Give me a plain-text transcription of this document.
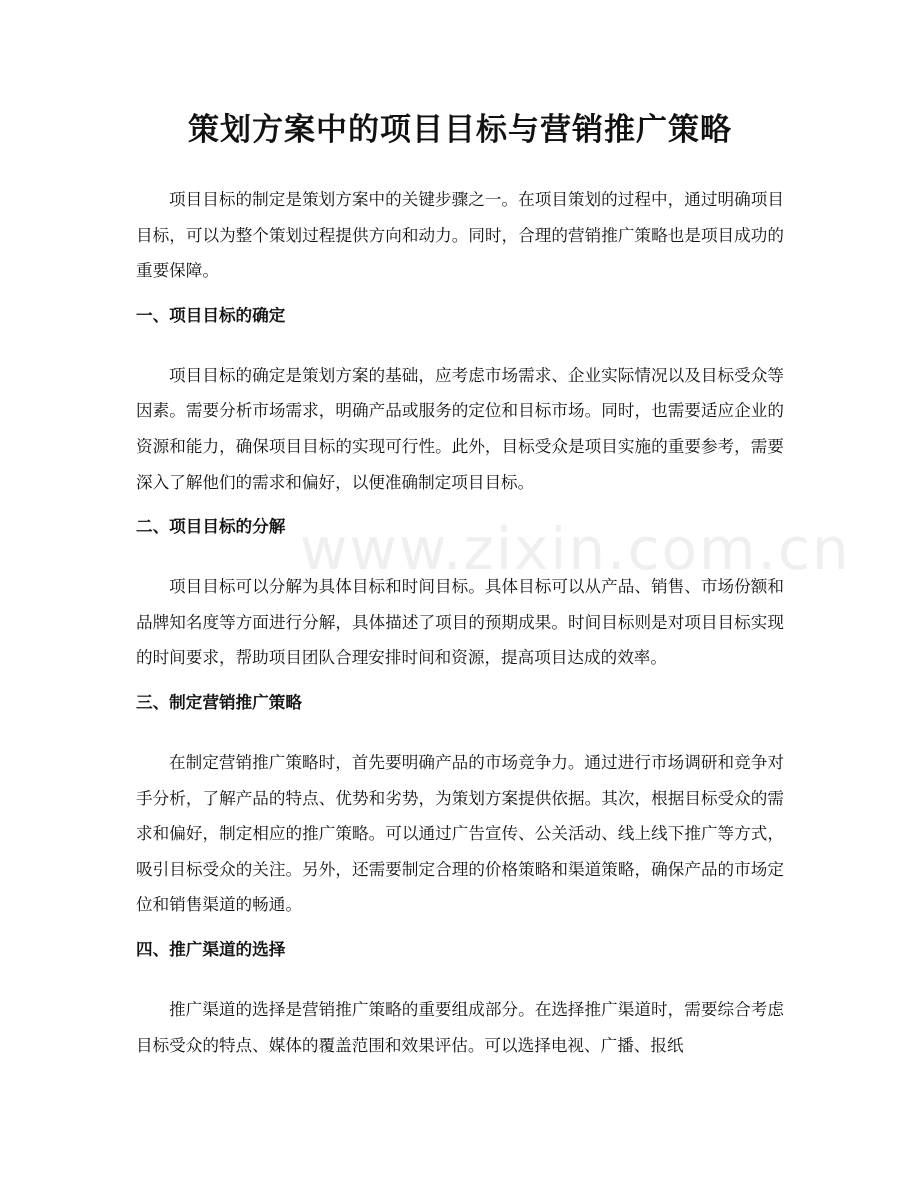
策划方案中的项目目标与营销推广策略

项目目标的制定是策划方案中的关键步骤之一。在项目策划的过程中，通过明确项目目标，可以为整个策划过程提供方向和动力。同时，合理的营销推广策略也是项目成功的重要保障。

一、项目目标的确定

项目目标的确定是策划方案的基础，应考虑市场需求、企业实际情况以及目标受众等因素。需要分析市场需求，明确产品或服务的定位和目标市场。同时，也需要适应企业的资源和能力，确保项目目标的实现可行性。此外，目标受众是项目实施的重要参考，需要深入了解他们的需求和偏好，以便准确制定项目目标。

二、项目目标的分解

项目目标可以分解为具体目标和时间目标。具体目标可以从产品、销售、市场份额和品牌知名度等方面进行分解，具体描述了项目的预期成果。时间目标则是对项目目标实现的时间要求，帮助项目团队合理安排时间和资源，提高项目达成的效率。

三、制定营销推广策略

在制定营销推广策略时，首先要明确产品的市场竞争力。通过进行市场调研和竞争对手分析，了解产品的特点、优势和劣势，为策划方案提供依据。其次，根据目标受众的需求和偏好，制定相应的推广策略。可以通过广告宣传、公关活动、线上线下推广等方式，吸引目标受众的关注。另外，还需要制定合理的价格策略和渠道策略，确保产品的市场定位和销售渠道的畅通。

四、推广渠道的选择

推广渠道的选择是营销推广策略的重要组成部分。在选择推广渠道时，需要综合考虑目标受众的特点、媒体的覆盖范围和效果评估。可以选择电视、广播、报纸

www.zixin.com.cn
